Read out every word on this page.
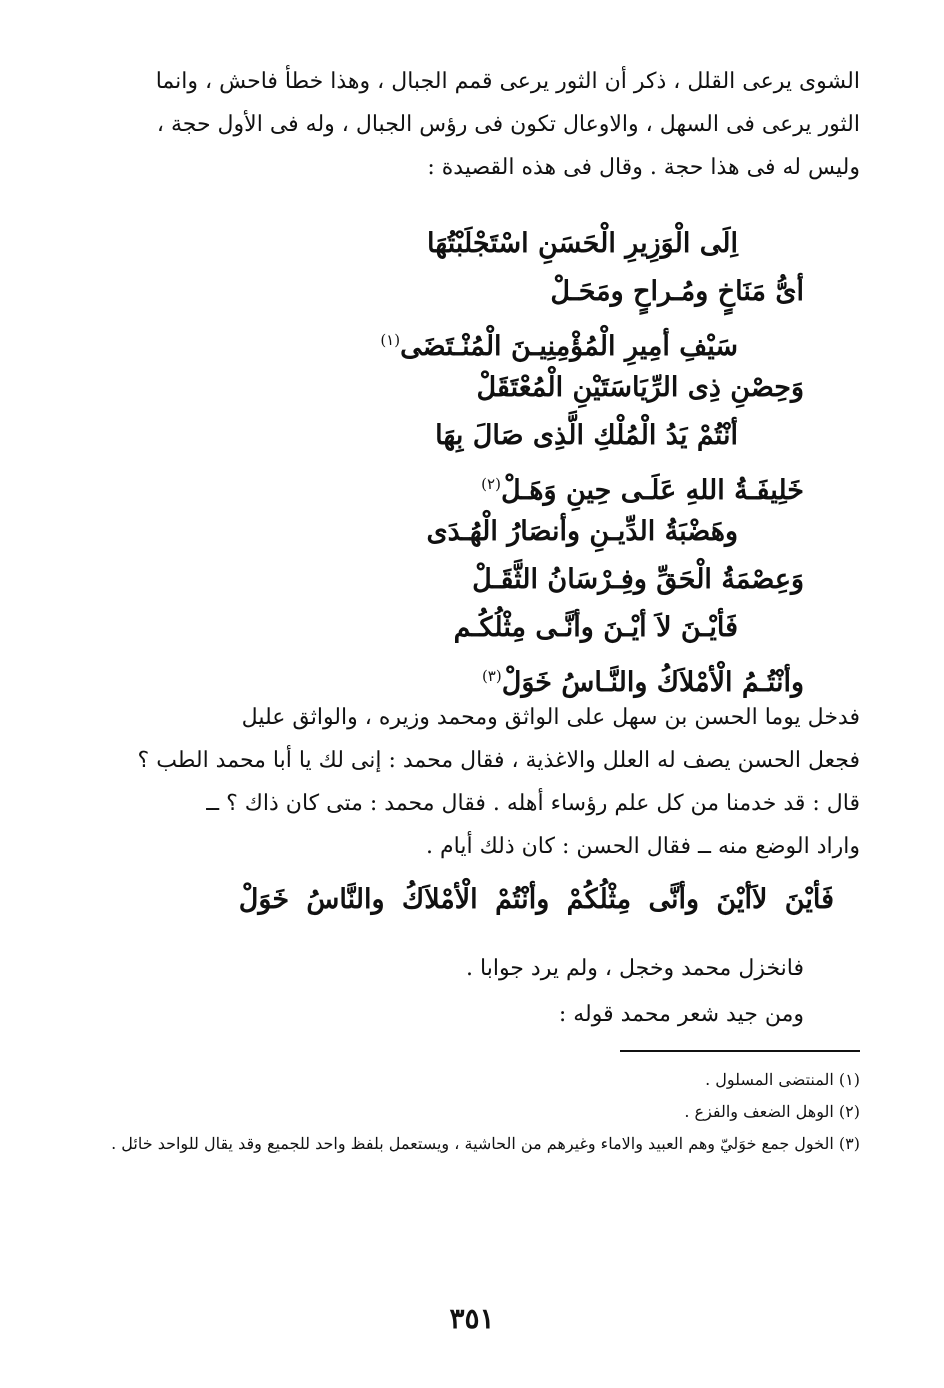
الشوى يرعى القلل ، ذكر أن الثور يرعى قمم الجبال ، وهذا خطأ فاحش ، وانما

الثور يرعى فى السهل ، والاوعال تكون فى رؤس الجبال ، وله فى الأول حجة ،

وليس له فى هذا حجة . وقال فى هذه القصيدة :

اِلَى الْوَزِيرِ الْحَسَنِ اسْتَجْلَبْتُهَا
أىُّ مَنَاخٍ ومُـراحٍ ومَحَـلْ
سَيْفِ أمِيرِ الْمُؤْمِنِيـنَ الْمُنْـتَضَى$^{(١)}$
وَحِصْنِ ذِى الرِّيَاسَتَيْنِ الْمُعْتَقَلْ
أنْتُمْ يَدُ الْمُلْكِ الَّذِى صَالَ بِهَا
خَلِيفَـةُ اللهِ عَلَـى حِينِ وَهَـلْ$^{(٢)}$
وهَضْبَةُ الدِّيـنِ وأنصَارُ الْهُـدَى
وَعِصْمَةُ الْحَقِّ وفِـرْسَانُ الثَّقَـلْ
فَأيْـنَ لاَ أيْـنَ وأنَّـى مِثْلُكُـم
وأنْتُـمُ الْأمْلاَكُ والنَّـاسُ خَوَلْ$^{(٣)}$

فدخل يوما الحسن بن سهل على الواثق ومحمد وزيره ، والواثق عليل

فجعل الحسن يصف له العلل والاغذية ، فقال محمد : إنى لك يا أبا محمد الطب ؟

قال : قد خدمنا من كل علم رؤساء أهله . فقال محمد : متى كان ذاك ؟ ــ

واراد الوضع منه ــ فقال الحسن : كان ذلك أيام .

فَأيْنَ لاَأيْنَ وأنَّى مِثْلُكُمْ وأنْتُمْ الْأمْلاَكُ والنَّاسُ خَوَلْ

فانخزل محمد وخجل ، ولم يرد جوابا .

ومن جيد شعر محمد قوله :

(١) المنتضى المسلول .

(٢) الوهل الضعف والفزع .

(٣) الخول جمع خوَليّ وهم العبيد والاماء وغيرهم من الحاشية ، ويستعمل بلفظ واحد للجميع وقد يقال للواحد خائل .

٣٥١
